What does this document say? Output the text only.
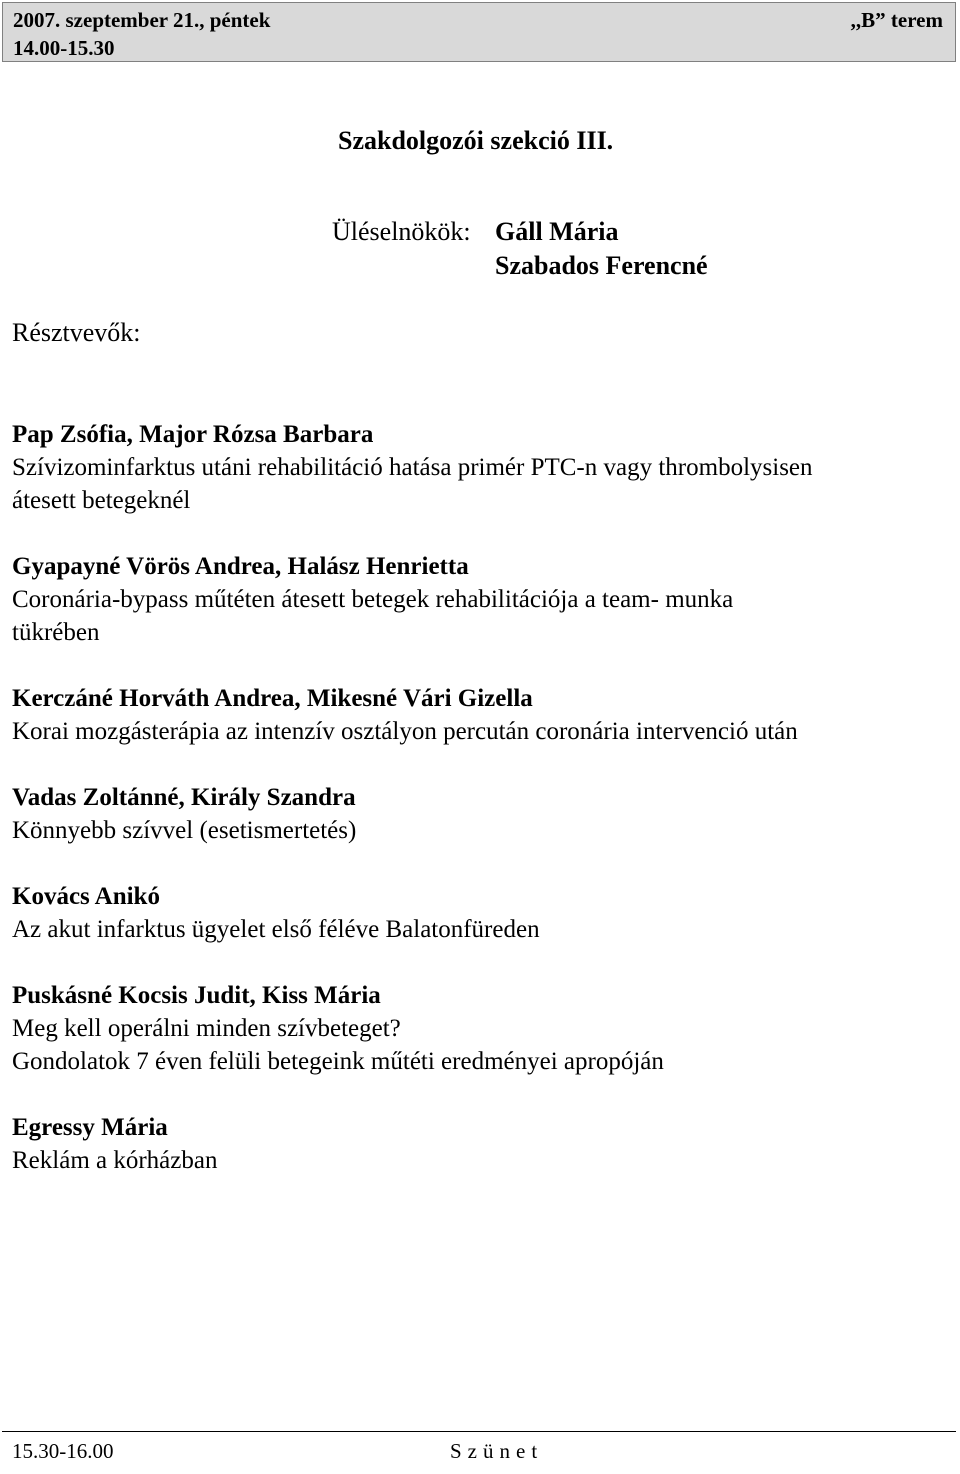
2007. szeptember 21., péntek
14.00-15.30
,,B” terem
Szakdolgozói szekció III.
Üléselnökök: Gáll Mária
Szabados Ferencné
Résztvevők:
Pap Zsófia, Major Rózsa Barbara
Szívizominfarktus utáni rehabilitáció hatása primér PTC-n vagy thrombolysisen
átesett betegeknél
Gyapayné Vörös Andrea, Halász Henrietta
Coronária-bypass műtéten átesett betegek rehabilitációja a team- munka
tükrében
Kerczáné Horváth Andrea, Mikesné Vári Gizella
Korai mozgásterápia az intenzív osztályon percután coronária intervenció után
Vadas Zoltánné, Király Szandra
Könnyebb szívvel (esetismertetés)
Kovács Anikó
Az akut infarktus ügyelet első féléve Balatonfüreden
Puskásné Kocsis Judit, Kiss Mária
Meg kell operálni minden szívbeteget?
Gondolatok 7 éven felüli betegeink műtéti eredményei apropóján
Egressy Mária
Reklám a kórházban
15.30-16.00	Szünet
